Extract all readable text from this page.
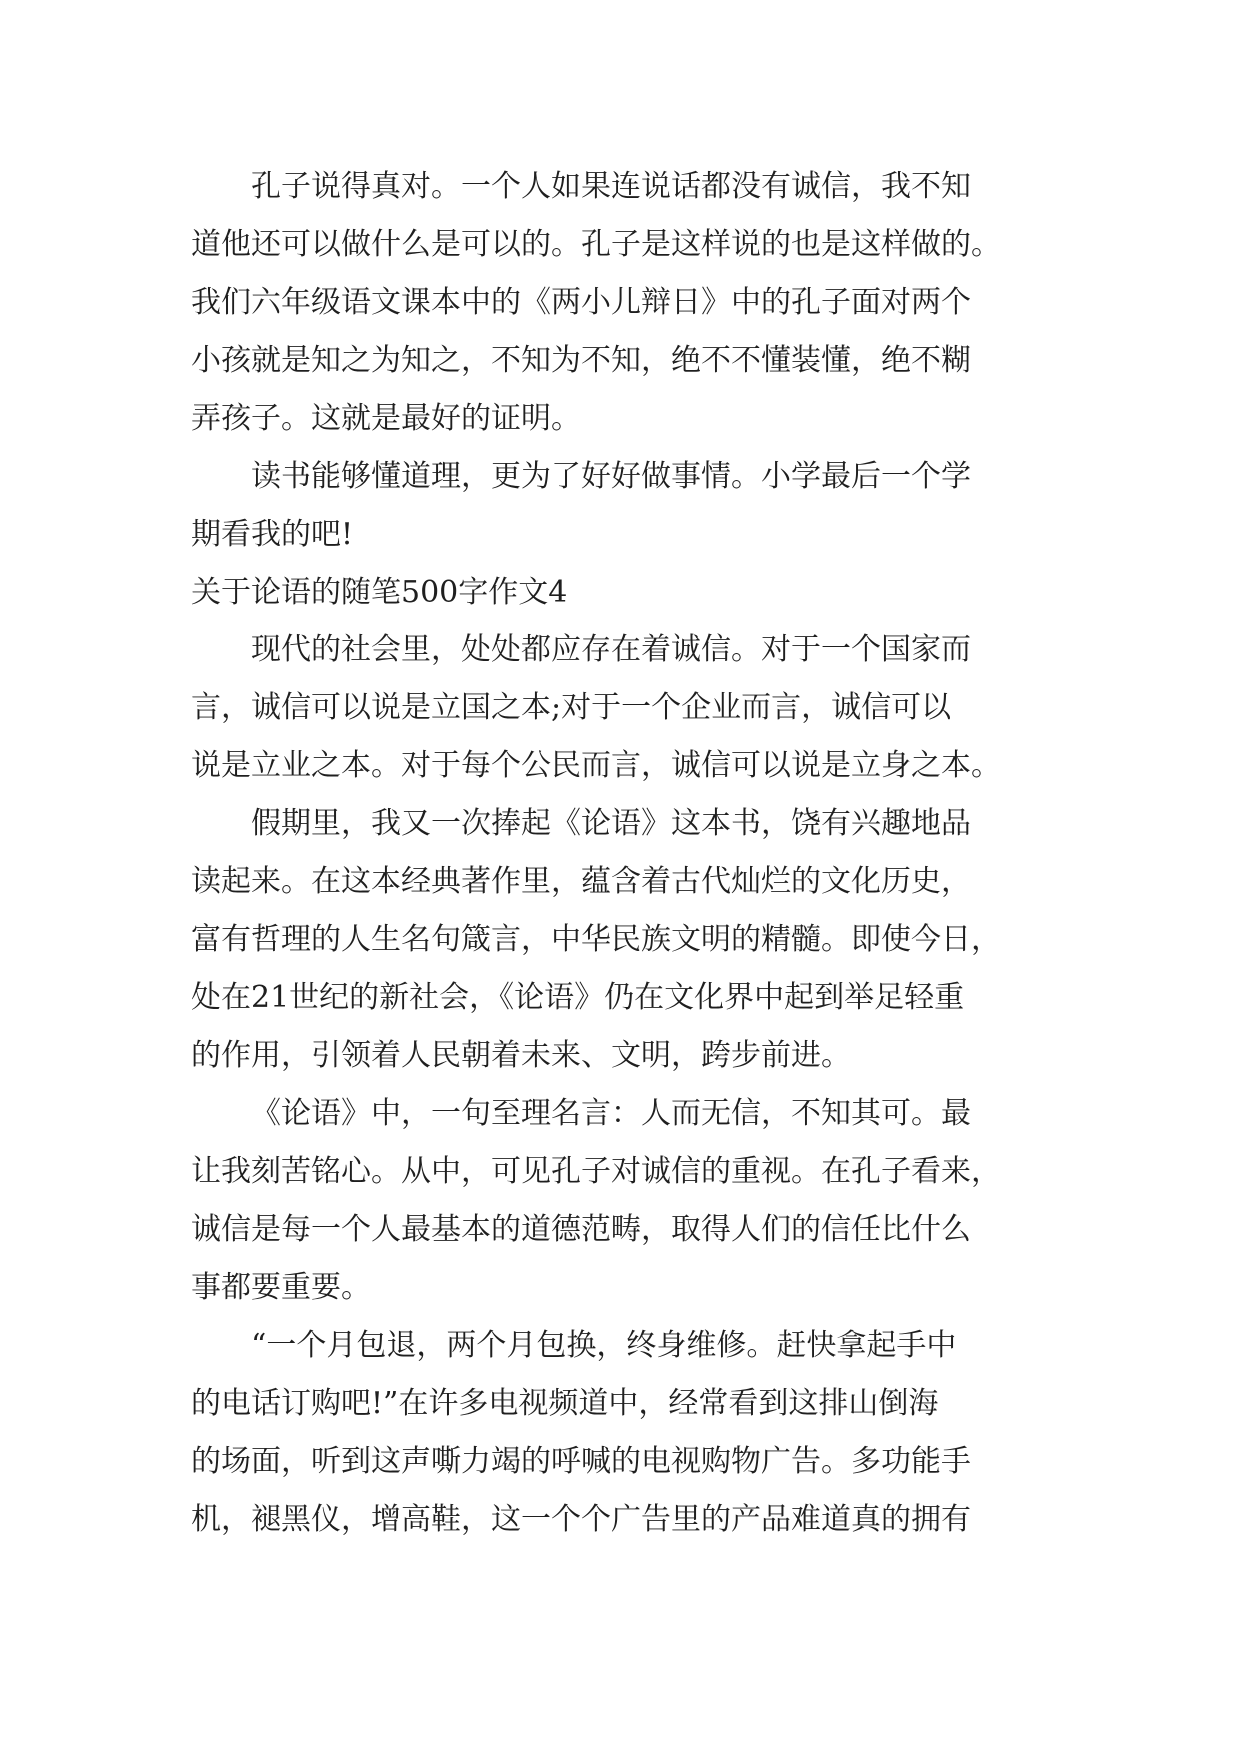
孔子说得真对。一个人如果连说话都没有诚信，我不知
道他还可以做什么是可以的。孔子是这样说的也是这样做的。
我们六年级语文课本中的《两小儿辩日》中的孔子面对两个
小孩就是知之为知之，不知为不知，绝不不懂装懂，绝不糊
弄孩子。这就是最好的证明。
读书能够懂道理，更为了好好做事情。小学最后一个学
期看我的吧!
关于论语的随笔500字作文4
现代的社会里，处处都应存在着诚信。对于一个国家而
言，诚信可以说是立国之本;对于一个企业而言，诚信可以
说是立业之本。对于每个公民而言，诚信可以说是立身之本。
假期里，我又一次捧起《论语》这本书，饶有兴趣地品
读起来。在这本经典著作里，蕴含着古代灿烂的文化历史，
富有哲理的人生名句箴言，中华民族文明的精髓。即使今日，
处在21世纪的新社会，《论语》仍在文化界中起到举足轻重
的作用，引领着人民朝着未来、文明，跨步前进。
《论语》中，一句至理名言：人而无信，不知其可。最
让我刻苦铭心。从中，可见孔子对诚信的重视。在孔子看来，
诚信是每一个人最基本的道德范畴，取得人们的信任比什么
事都要重要。
“一个月包退，两个月包换，终身维修。赶快拿起手中
的电话订购吧!”在许多电视频道中，经常看到这排山倒海
的场面，听到这声嘶力竭的呼喊的电视购物广告。多功能手
机，褪黑仪，增高鞋，这一个个广告里的产品难道真的拥有
